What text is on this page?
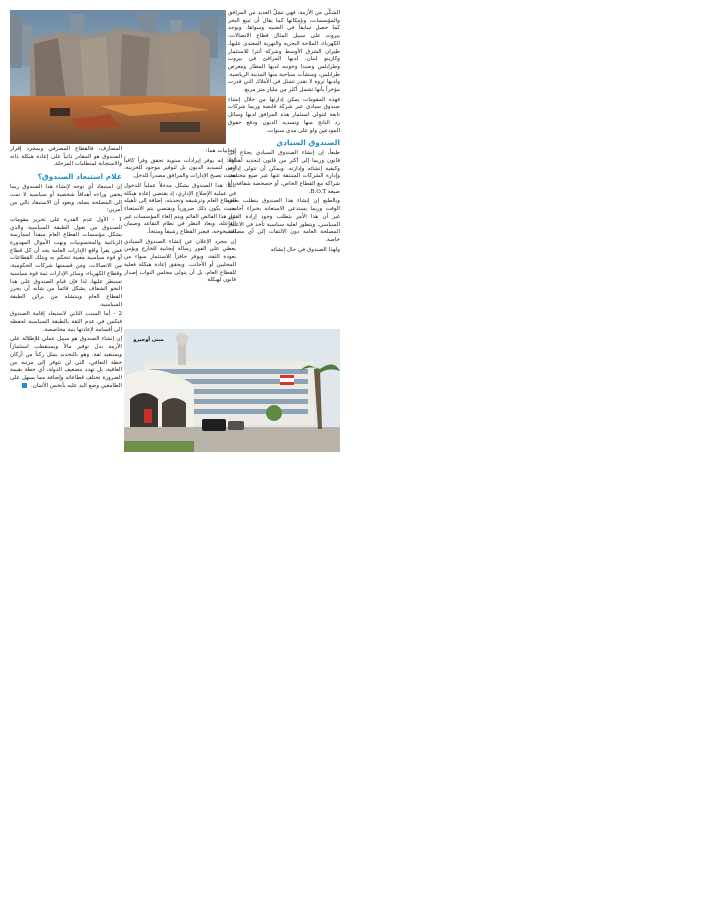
الشكّي من الأزمة، فهي تشلّ العديد من المرافق والمؤسسات، وبإمكانها كما يقال أن تبيع البحر كما حصل سابقاً في الضبيه وسواها. ويوجد بيروت على سبيل المثال قطاع الاتصالات، الكهرباء، الملاحة البحرية والنهرية المعتدى عليها، طيران الشرق الأوسط وشركة أنترا للاستثمار وكازينو لبنان. لديها المرافئ في بيروت وطرابلس وصيدا وجونيه لديها المطار ومعرض طرابلس، ومنشآت سياحية منها المدينة الرياضية. ولديها ثروة لا تقدر تتمثل في الأملاك التي قدرت مؤخراً بأنها تشمل أكثر من مليار متر مربع.

فهذه المقومات يمكن إدارتها من خلال إنشاء صندوق سيادي عبر شركة قابضة وربما شركات تابعة لتتولى استثمار هذه المرافق لديها وسائل رد الناتج منها وتسديد الديون ودفع حقوق المودعين ولو على مدى سنوات.

الصندوق السيادي

طبعاً، إن إنشاء الصندوق السيادي يحتاج إلى قانون وربما إلى أكثر من قانون لتحديد أهدافه وكيفية إنشائه وإدارته. ويمكن أن تتولى إدارته وإدارة الشركات المنبثقة عنها عبر صيغ مختلفة: شراكة مع القطاع الخاص، أو خصخصة شفافة، أو صيغة B.O.T.

وبالطبع إن إنشاء هذا الصندوق يتطلب بعض الوقت وربما يستدعي الاستعانة بخبراء أجانب. غير أن هذا الأمر يتطلب وجود إرادة القرار السياسي، ويتطور لعلية سياسية تأخذ في الاعتبار المصلحة العامة دون الالتفات إلى أي مصلحة خاصة.

ولهذا الصندوق في حال إنشائه

إيجابيات هما:

أولاً: إنه يوفر إيرادات سنوية تحقق وفراً كافياً ليس لتسديد الديون بل لتوفير موجود للخزينة، بحيث تصبح الإدارات والمرافق مصدراً للدخل.

ثانياً: هذا الصندوق يشكل مدخلاً عملياً للدخول في عملية الإصلاح الإداري، إذ يقتضي إعادة هيكلة القطاع العام وترشيقه وتحديثه، إضافة إلى تأهيله بحيث يكون ذلك ضرورياً ويقتضي بتم الاستغناء عن هذا الفائض القائم ويتم إلغاء المؤسسات غير الفاعلة، ويعاد النظر في نظام التقاعد وضمان الشيخوخة، فيعبر القطاع رشيقاً ومنتجاً.

إن مجرد الإعلان عن إنشاء الصندوق السيادي يعطي على الفور رسالة إيجابية للخارج ويؤمن بعودة الثقة، ويوفر حافزاً للاستثمار سواء من المحليين أو الأجانب. ويحقق إعادة هيكلة فعلية للقطاع العام، بل أن يتولى مجلس النواب إصدار قانون لهيكلة

مبنى أوجيرو

المصارف، فالقطاع المصرفي وبمجرد إقرار الصندوق هو المقادر ذاتياً على إعادة هيكلة ذاته والاستجابة لمتطلبات المرحلة.

علام استبعاد الصندوق؟

إن استبعاد أي توجه لإنشاء هذا الصندوق ربما يخفي وراءه أهدافاً شخصية أو سياسية لا تمت إلى المصلحة بصلة، ويعود أن الاستبعاد تالي من أمرين:

1 - الأول عدم القدرة على تحرير مقومات الصندوق من تغول الطبقة السياسية والذي يشكل مؤسسات القطاع العام منفذاً لممارسة الزبائنية والمحسوبيات ونهب الأموال المهدورة فمن يقرأ واقع الإدارات العامة يجد أن كل قطاع أو قوة سياسية معينة تتحكم به وبتلك القطاعات من الاتصالات، ومن قسمتها شركات الحكومية، وقطاع الكهرباء، وسائر الإدارات ثمة قوة سياسية تسيطر عليها، لذا فإن قيام الصندوق على هذا النحو الشفاف يشكل قائماً من شأنه أن يحرر القطاع العام وينتشله من براثن الطبقة السياسية.

2 - أما السبب الثاني لاستبعاد إقامة الصندوق فيكمن في عدم الثقة بالطبقة السياسية لحفظه إلى أقسامه لإعادتها بنية محاصصة.

إن إنشاء الصندوق هو سبيل عملي للإطلالة على الأزمة بدل توفير مالاً ويستقطب استثماراً ويستعيد ثقة. وهو بالتحديد يمثل ركناً من أركان خطة التعافي، التي لن تتوفر إلى مرتبة من العافية، بل تهدد بتضعيف الدولة، أي خطة بقيمة الضرورة تختلف قطاعاته وإضافة مما يسهل على الطامعين وضع اليد عليه بأبخس الأثمان.
